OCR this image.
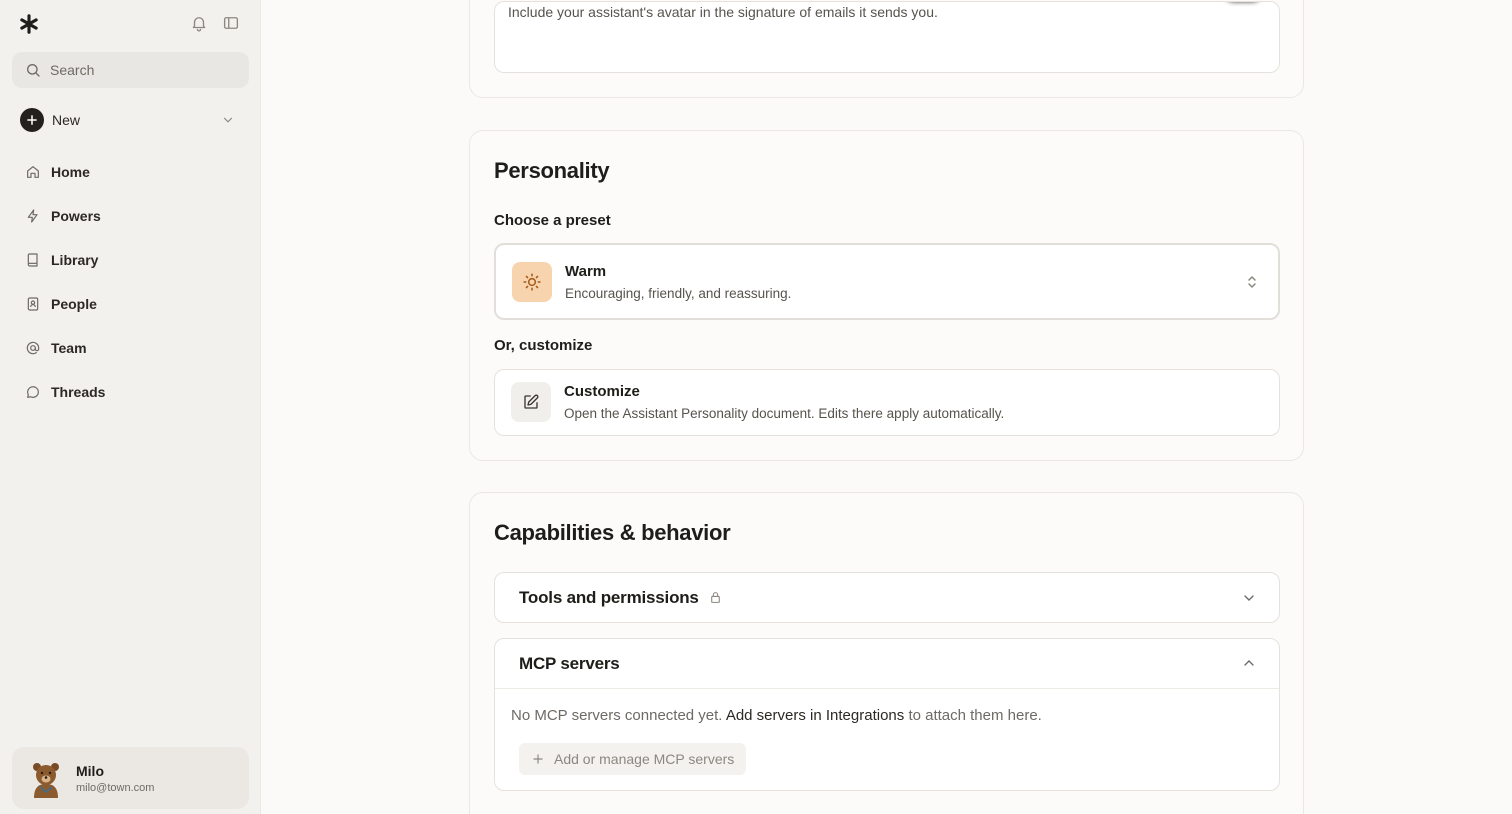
Search
New
Home
Powers
Library
People
Team
Threads
Milo
milo@town.com
Include your assistant's avatar in the signature of emails it sends you.
Personality
Choose a preset
Warm
Encouraging, friendly, and reassuring.
Or, customize
Customize
Open the Assistant Personality document. Edits there apply automatically.
Capabilities & behavior
Tools and permissions
MCP servers
No MCP servers connected yet. Add servers in Integrations to attach them here.
Add or manage MCP servers
